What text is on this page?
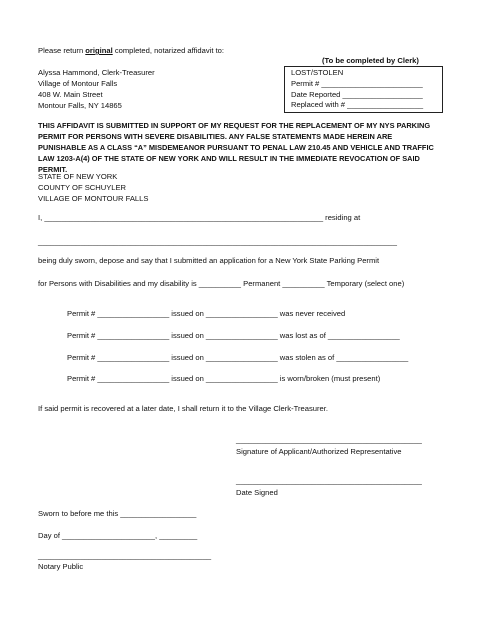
Please return original completed, notarized affidavit to:
Alyssa Hammond, Clerk-Treasurer
Village of Montour Falls
408 W. Main Street
Montour Falls, NY 14865
(To be completed by Clerk)
LOST/STOLEN
Permit # ________________________
Date Reported ___________________
Replaced with # __________________
THIS AFFIDAVIT IS SUBMITTED IN SUPPORT OF MY REQUEST FOR THE REPLACEMENT OF MY NYS PARKING PERMIT FOR PERSONS WITH SEVERE DISABILITIES. ANY FALSE STATEMENTS MADE HEREIN ARE PUNISHABLE AS A CLASS “A” MISDEMEANOR PURSUANT TO PENAL LAW 210.45 AND VEHICLE AND TRAFFIC LAW 1203-A(4) OF THE STATE OF NEW YORK AND WILL RESULT IN THE IMMEDIATE REVOCATION OF SAID PERMIT.
STATE OF NEW YORK
COUNTY OF SCHUYLER
VILLAGE OF MONTOUR FALLS
I, __________________________________________________________________ residing at
_____________________________________________________________________________________
being duly sworn, depose and say that I submitted an application for a New York State Parking Permit
for Persons with Disabilities and my disability is __________ Permanent __________ Temporary (select one)
Permit # _________________ issued on _________________ was never received
Permit # _________________ issued on _________________ was lost as of _________________
Permit # _________________ issued on _________________ was stolen as of _________________
Permit # _________________ issued on _________________ is worn/broken (must present)
If said permit is recovered at a later date, I shall return it to the Village Clerk-Treasurer.
____________________________________________
Signature of Applicant/Authorized Representative
____________________________________________
Date Signed
Sworn to before me this __________________
Day of ______________________, _________
_________________________________________
Notary Public
